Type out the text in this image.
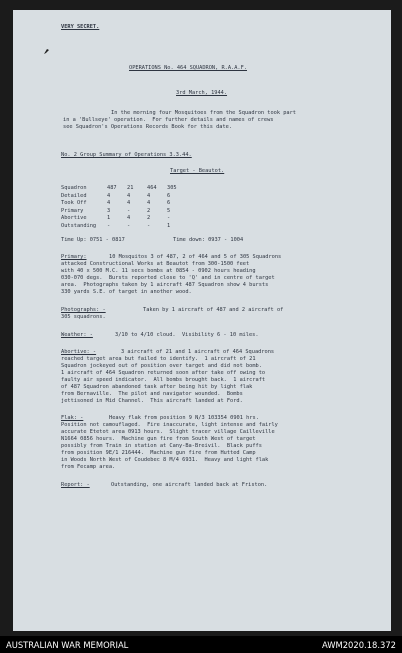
VERY SECRET.
OPERATIONS No. 464 SQUADRON, R.A.A.F.
3rd March, 1944.
In the morning four Mosquitoes from the Squadron took part
in a 'Bullseye' operation.  For further details and names of crews
see Squadron's Operations Records Book for this date.
No. 2 Group Summary of Operations 3.3.44.
Target - Beautot.
Squadron	487 21	464 305
Detailed	4	4	4	6
Took Off	4	4	4	6
Primary	3	-	2	5
Abortive	1	4	2	-
Outstanding -	-	-	1
Time Up: 0751 - 0817	Time down: 0937 - 1004
Primary:	10 Mosquitos 3 of 487, 2 of 464 and 5 of 305 Squadrons
attacked Constructional Works at Beautot from 300-1500 feet
with 40 x 500 M.C. 11 secs bombs at 0854 - 0902 hours heading
030-070 degs.  Bursts reported close to 'Q' and in centre of target
area.  Photographs taken by 1 aircraft 487 Squadron show 4 bursts
330 yards S.E. of target in another wood.
Photographs: -	Taken by 1 aircraft of 487 and 2 aircraft of
305 squadrons.
Weather: -	3/10 to 4/10 cloud.  Visibility 6 - 10 miles.
Abortive: -	3 aircraft of 21 and 1 aircraft of 464 Squadrons
reached target area but failed to identify.  1 aircraft of 21
Squadron jockeyed out of position over target and did not bomb.
1 aircraft of 464 Squadron returned soon after take off owing to
faulty air speed indicator.  All bombs brought back.  1 aircraft
of 487 Squadron abandoned task after being hit by light flak
from Bernaville.  The pilot and navigator wounded.  Bombs
jettisoned in Mid Channel.  This aircraft landed at Ford.
Flak: -	Heavy flak from position 9 N/3 103354 0901 hrs.
Position not camouflaged.  Fire inaccurate, light intense and fairly
accurate Etetot area 0913 hours.  Slight tracer village Cailleville
N1664 0856 hours.  Machine gun fire from South West of target
possibly from Train in station at Cany-Ba-Breivil.  Black puffs
from position 9E/1 216444.  Machine gun fire from Hutted Camp
in Woods North West of Coudebec 8 M/4 6931.  Heavy and light flak
from Fecamp area.
Report: -	Outstanding, one aircraft landed back at Friston.
AUSTRALIAN WAR MEMORIAL	AWM2020.18.372
